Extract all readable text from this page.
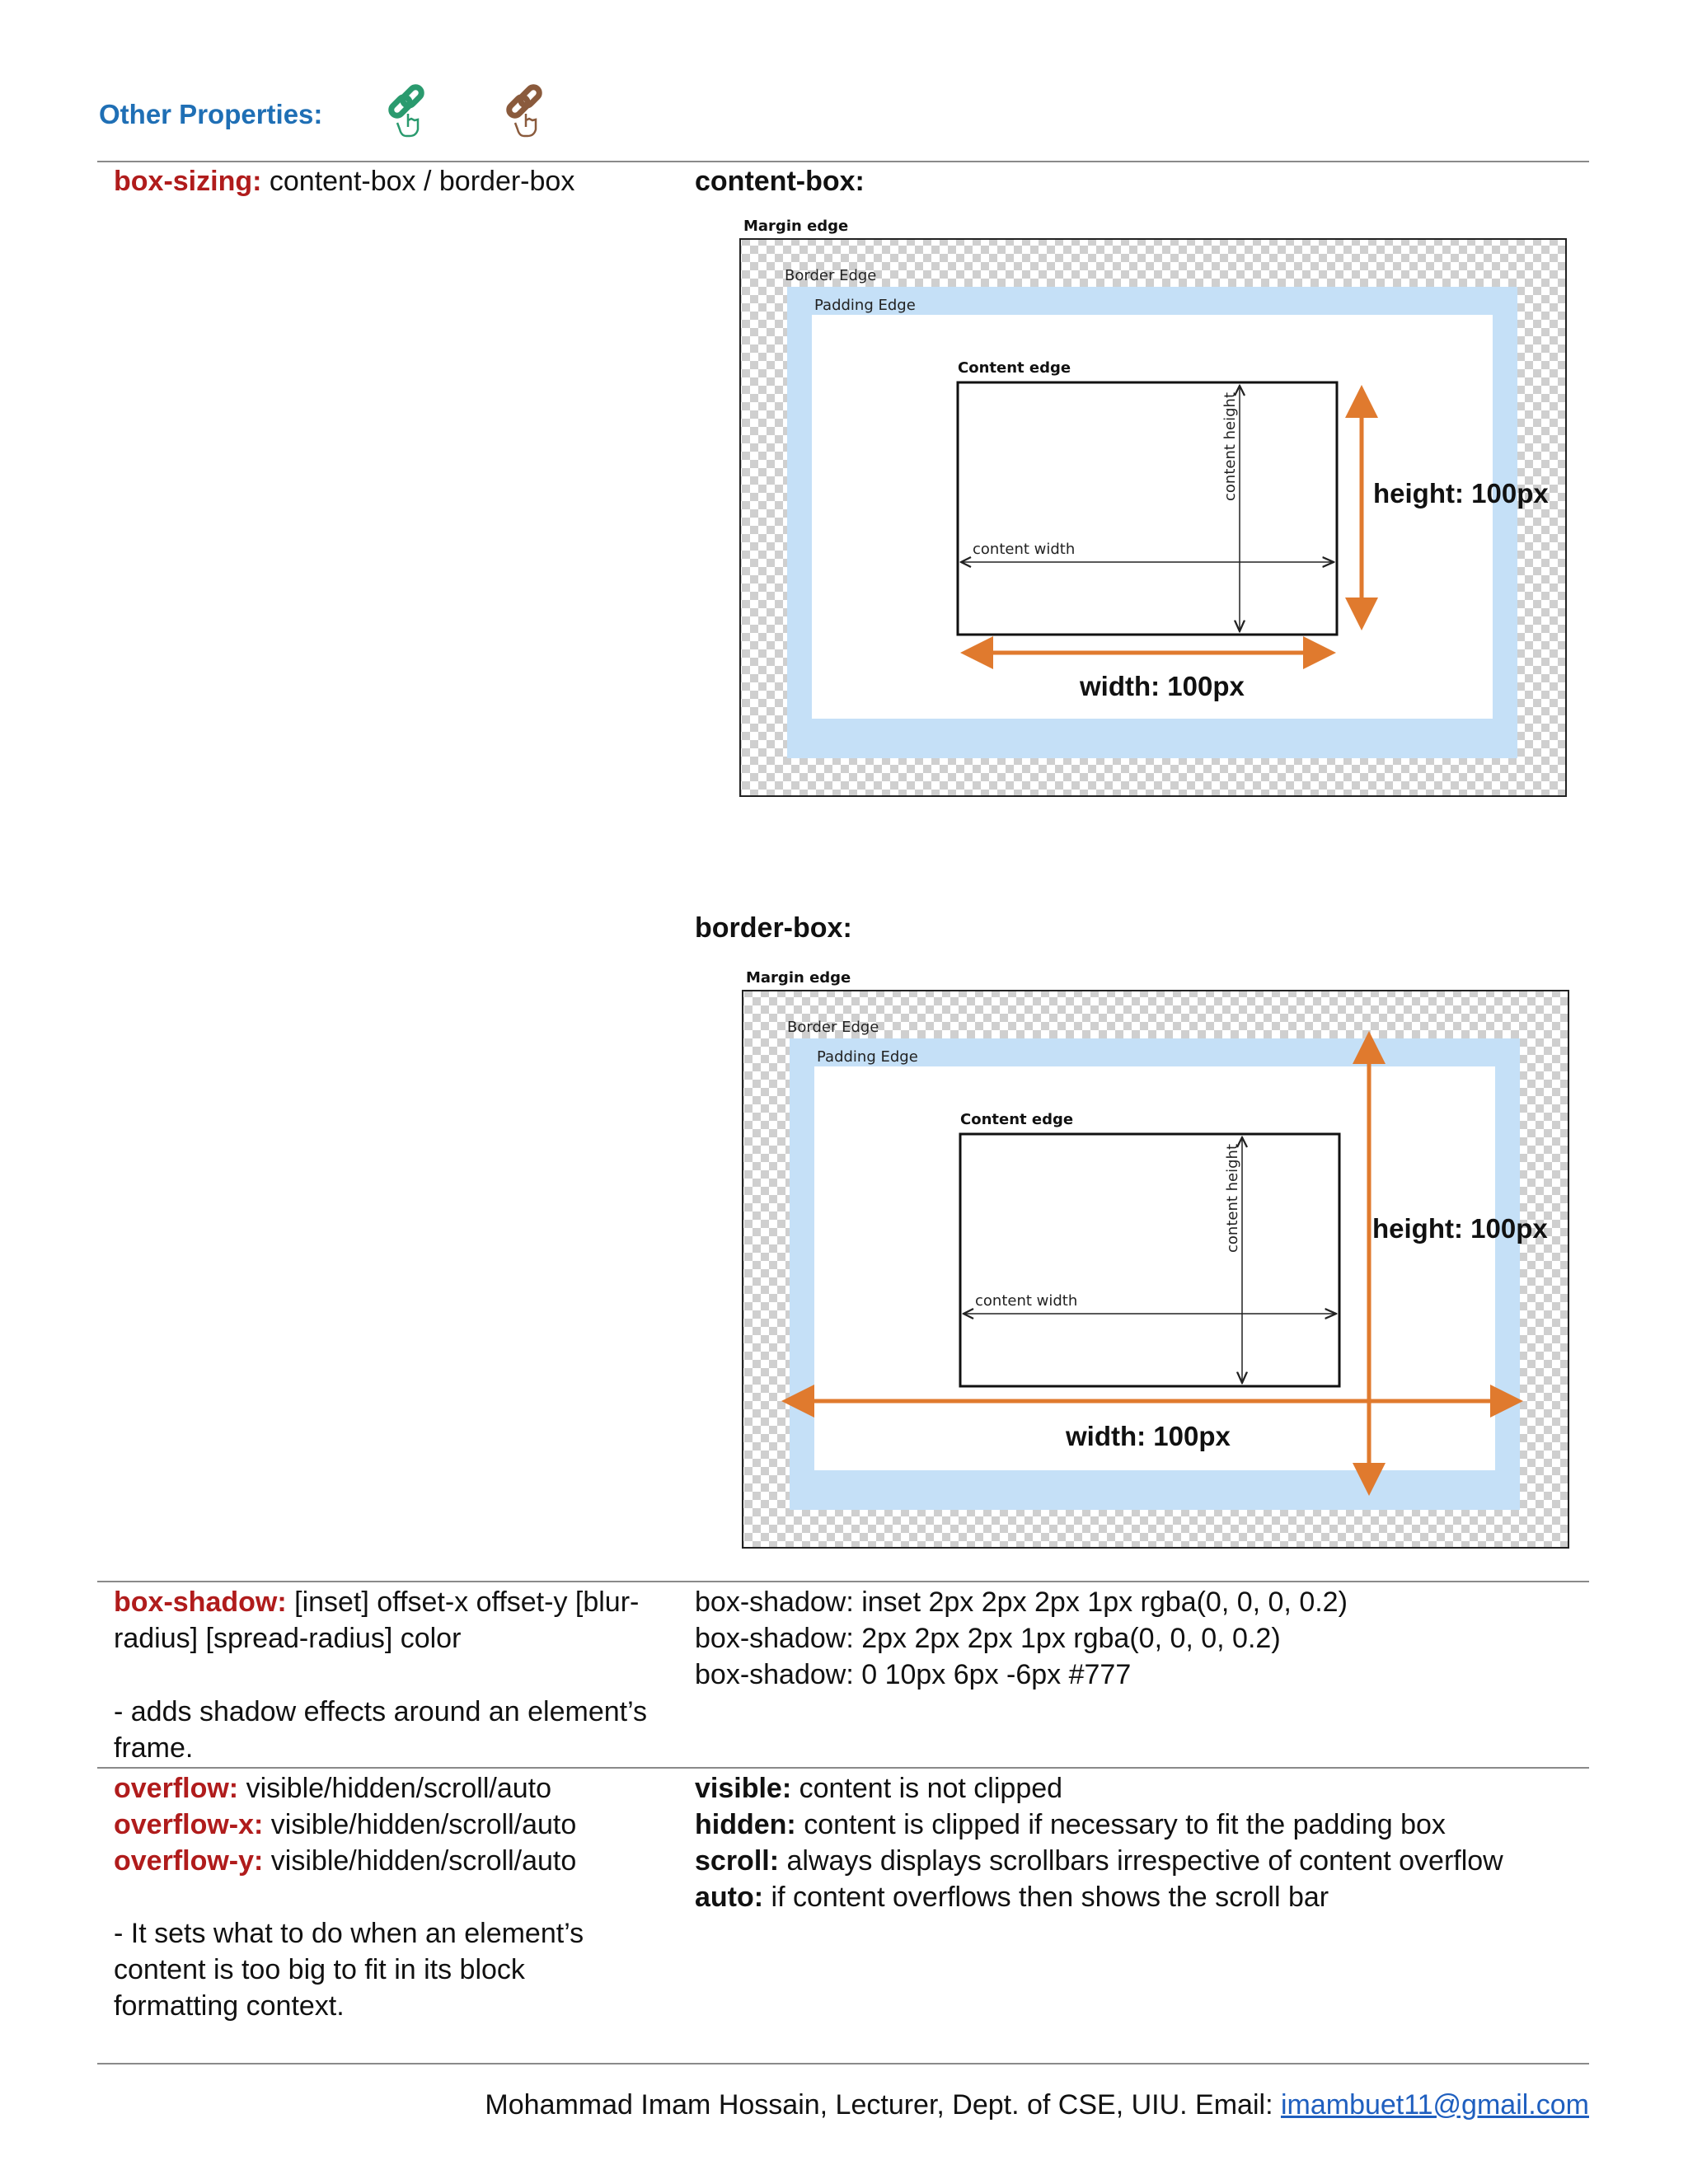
Other Properties:
box-sizing: content-box / border-box	content-box:
Margin edge
Border Edge
Padding Edge
Content edge
content height
content width
height: 100px
width: 100px
border-box:
Margin edge
Border Edge
Padding Edge
Content edge
content height
content width
height: 100px
width: 100px
box-shadow: [inset] offset-x offset-y [blur-radius] [spread-radius] color
- adds shadow effects around an element’s frame.
box-shadow: inset 2px 2px 2px 1px rgba(0, 0, 0, 0.2)
box-shadow: 2px 2px 2px 1px rgba(0, 0, 0, 0.2)
box-shadow: 0 10px 6px -6px #777
overflow: visible/hidden/scroll/auto
overflow-x: visible/hidden/scroll/auto
overflow-y: visible/hidden/scroll/auto
- It sets what to do when an element’s content is too big to fit in its block formatting context.
visible: content is not clipped
hidden: content is clipped if necessary to fit the padding box
scroll: always displays scrollbars irrespective of content overflow
auto: if content overflows then shows the scroll bar
Mohammad Imam Hossain, Lecturer, Dept. of CSE, UIU. Email: imambuet11@gmail.com
